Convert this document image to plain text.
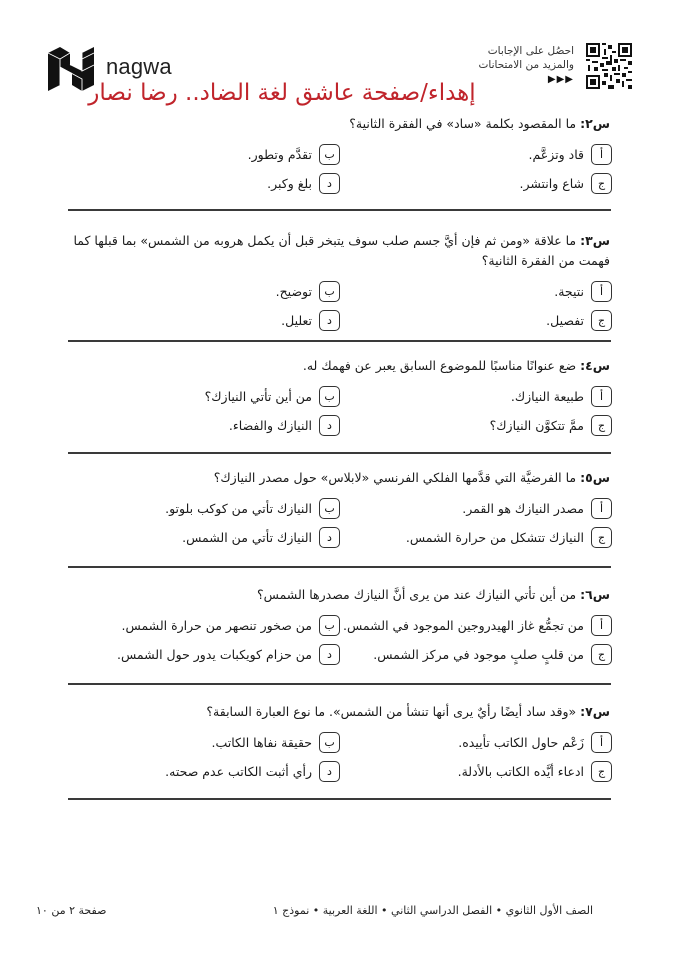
nagwa
احصُل على الإجابات
والمزيد من الامتحانات
▶▶▶
إهداء/صفحة عاشق لغة الضاد.. رضا نصار
س٢: ما المقصود بكلمة «ساد» في الفقرة الثانية؟
أ
قاد وتزعَّم.
ب
تقدَّم وتطور.
ج
شاع وانتشر.
د
بلغ وكبر.
س٣: ما علاقة «ومن ثم فإن أيَّ جسم صلب سوف يتبخر قبل أن يكمل هروبه من الشمس» بما قبلها كما فهمت من الفقرة الثانية؟
أ
نتيجة.
ب
توضيح.
ج
تفصيل.
د
تعليل.
س٤: ضع عنوانًا مناسبًا للموضوع السابق يعبر عن فهمك له.
أ
طبيعة النيازك.
ب
من أين تأتي النيازك؟
ج
ممَّ تتكوَّن النيازك؟
د
النيازك والفضاء.
س٥: ما الفرضيَّة التي قدَّمها الفلكي الفرنسي «لابلاس» حول مصدر النيازك؟
أ
مصدر النيازك هو القمر.
ب
النيازك تأتي من كوكب بلوتو.
ج
النيازك تتشكل من حرارة الشمس.
د
النيازك تأتي من الشمس.
س٦: من أين تأتي النيازك عند من يرى أنَّ النيازك مصدرها الشمس؟
أ
من تجمُّع غاز الهيدروجين الموجود في الشمس.
ب
من صخور تنصهر من حرارة الشمس.
ج
من قلبٍ صلبٍ موجود في مركز الشمس.
د
من حزام كويكبات يدور حول الشمس.
س٧: «وقد ساد أيضًا رأيٌ يرى أنها تنشأ من الشمس». ما نوع العبارة السابقة؟
أ
زَعْم حاول الكاتب تأييده.
ب
حقيقة نفاها الكاتب.
ج
ادعاء أيَّده الكاتب بالأدلة.
د
رأي أثبت الكاتب عدم صحته.
الصف الأول الثانوي • الفصل الدراسي الثاني • اللغة العربية • نموذج ١
صفحة ٢ من ١٠
